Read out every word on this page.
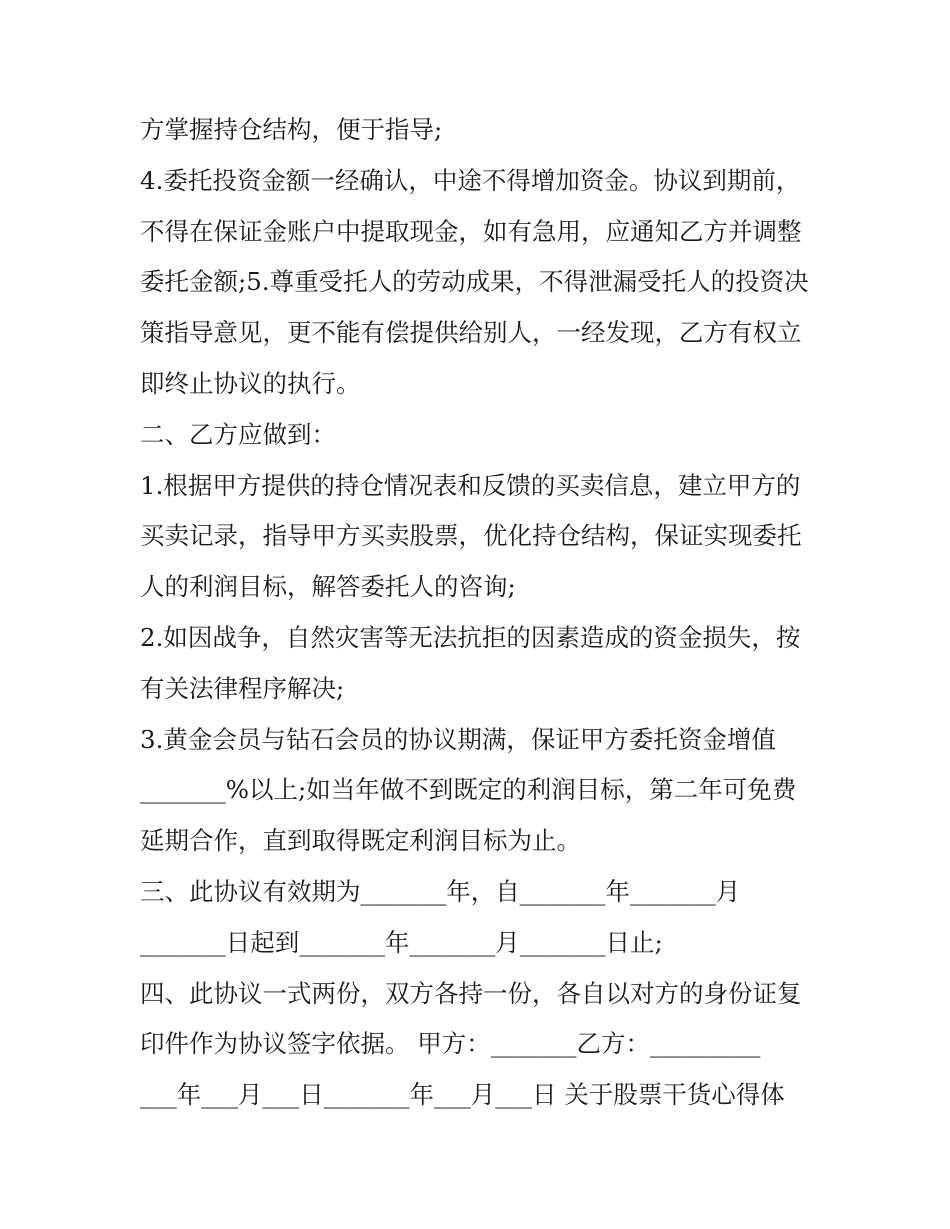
方掌握持仓结构，便于指导;
4.委托投资金额一经确认，中途不得增加资金。协议到期前，
不得在保证金账户中提取现金，如有急用，应通知乙方并调整
委托金额;5.尊重受托人的劳动成果，不得泄漏受托人的投资决
策指导意见，更不能有偿提供给别人，一经发现，乙方有权立
即终止协议的执行。
二、乙方应做到：
1.根据甲方提供的持仓情况表和反馈的买卖信息，建立甲方的
买卖记录，指导甲方买卖股票，优化持仓结构，保证实现委托
人的利润目标，解答委托人的咨询;
2.如因战争，自然灾害等无法抗拒的因素造成的资金损失，按
有关法律程序解决;
3.黄金会员与钻石会员的协议期满，保证甲方委托资金增值
_______%以上;如当年做不到既定的利润目标，第二年可免费
延期合作，直到取得既定利润目标为止。
三、此协议有效期为_______年，自_______年_______月
_______日起到_______年_______月_______日止;
四、此协议一式两份，双方各持一份，各自以对方的身份证复
印件作为协议签字依据。 甲方：_______乙方：_________
___年___月___日_______年___月___日 关于股票干货心得体
